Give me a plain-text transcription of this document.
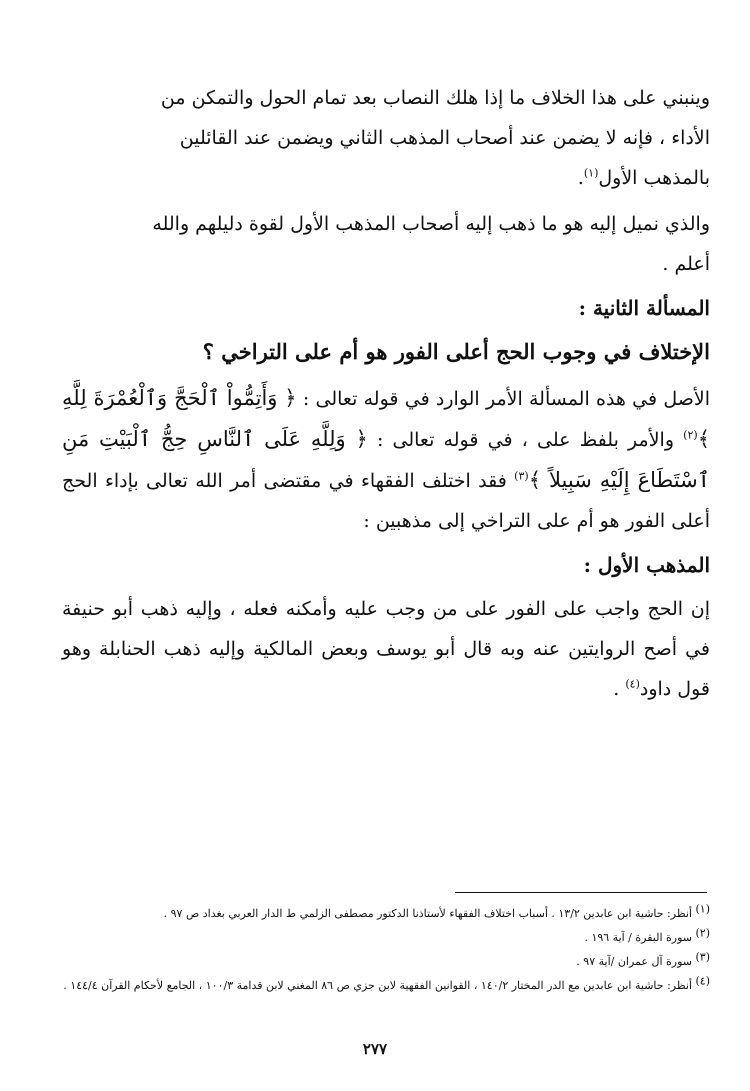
وينبني على هذا الخلاف ما إذا هلك النصاب بعد تمام الحول والتمكن من

الأداء ، فإنه لا يضمن عند أصحاب المذهب الثاني ويضمن عند القائلين

بالمذهب الأول$^{(١)}$.

والذي نميل إليه هو ما ذهب إليه أصحاب المذهب الأول لقوة دليلهم والله

أعلم .

المسألة الثانية :
الإختلاف في وجوب الحج أعلى الفور هو أم على التراخي ؟
الأصل في هذه المسألة الأمر الوارد في قوله تعالى : ﴿ وَأَتِمُّواْ ٱلْحَجَّ وَٱلْعُمْرَةَ لِلَّهِ ﴾$^{(٢)}$ والأمر بلفظ على ، في قوله تعالى : ﴿ وَلِلَّهِ عَلَى ٱلنَّاسِ حِجُّ ٱلْبَيْتِ مَنِ ٱسْتَطَاعَ إِلَيْهِ سَبِيلاً ﴾$^{(٣)}$ فقد اختلف الفقهاء في مقتضى أمر الله تعالى بإداء الحج أعلى الفور هو أم على التراخي إلى مذهبين :
المذهب الأول :
إن الحج واجب على الفور على من وجب عليه وأمكنه فعله ، وإليه ذهب أبو حنيفة في أصح الروايتين عنه وبه قال أبو يوسف وبعض المالكية وإليه ذهب الحنابلة وهو قول داود$^{(٤)}$ .

$^{(١)}$ أنظر: حاشية ابن عابدين ١٣/٢ . أسباب اختلاف الفقهاء لأستاذنا الدكتور مصطفى الزلمي ط الدار العربي بغداد ص ٩٧ .

$^{(٢)}$ سورة البقرة / آية ١٩٦ .

$^{(٣)}$ سورة آل عمران /آية ٩٧ .

$^{(٤)}$ أنظر: حاشية ابن عابدين مع الدر المختار ١٤٠/٢ ، القوانين الفقهية لابن جزي ص ٨٦ المغني لابن قدامة ١٠٠/٣ ، الجامع لأحكام القرآن ١٤٤/٤ .

٢٧٧
